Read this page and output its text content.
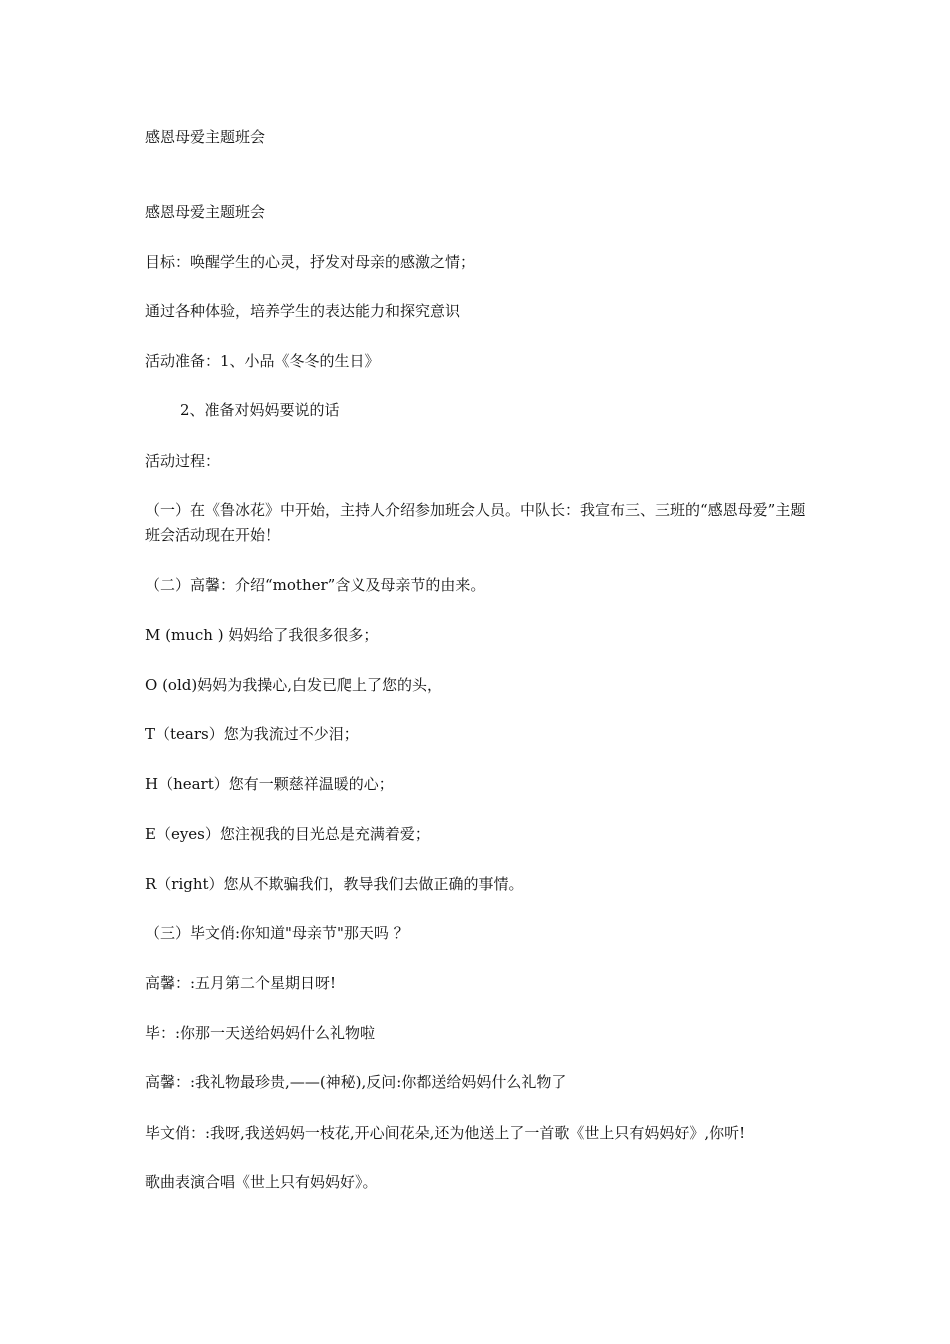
感恩母爱主题班会

感恩母爱主题班会

目标：唤醒学生的心灵，抒发对母亲的感激之情；

通过各种体验，培养学生的表达能力和探究意识

活动准备：1、小品《冬冬的生日》

2、准备对妈妈要说的话

活动过程：

（一）在《鲁冰花》中开始，主持人介绍参加班会人员。中队长：我宣布三、三班的“感恩母爱”主题班会活动现在开始！

（二）高馨：介绍“mother”含义及母亲节的由来。

M (much ) 妈妈给了我很多很多；

O (old)妈妈为我操心,白发已爬上了您的头，

T（tears）您为我流过不少泪；

H（heart）您有一颗慈祥温暖的心；

E（eyes）您注视我的目光总是充满着爱；

R（right）您从不欺骗我们，教导我们去做正确的事情。

（三）毕文俏:你知道"母亲节"那天吗 ？

高馨：:五月第二个星期日呀!

毕：:你那一天送给妈妈什么礼物啦

高馨：:我礼物最珍贵,——(神秘),反问:你都送给妈妈什么礼物了

毕文俏：:我呀,我送妈妈一枝花,开心间花朵,还为他送上了一首歌《世上只有妈妈好》,你听!

歌曲表演合唱《世上只有妈妈好》。
